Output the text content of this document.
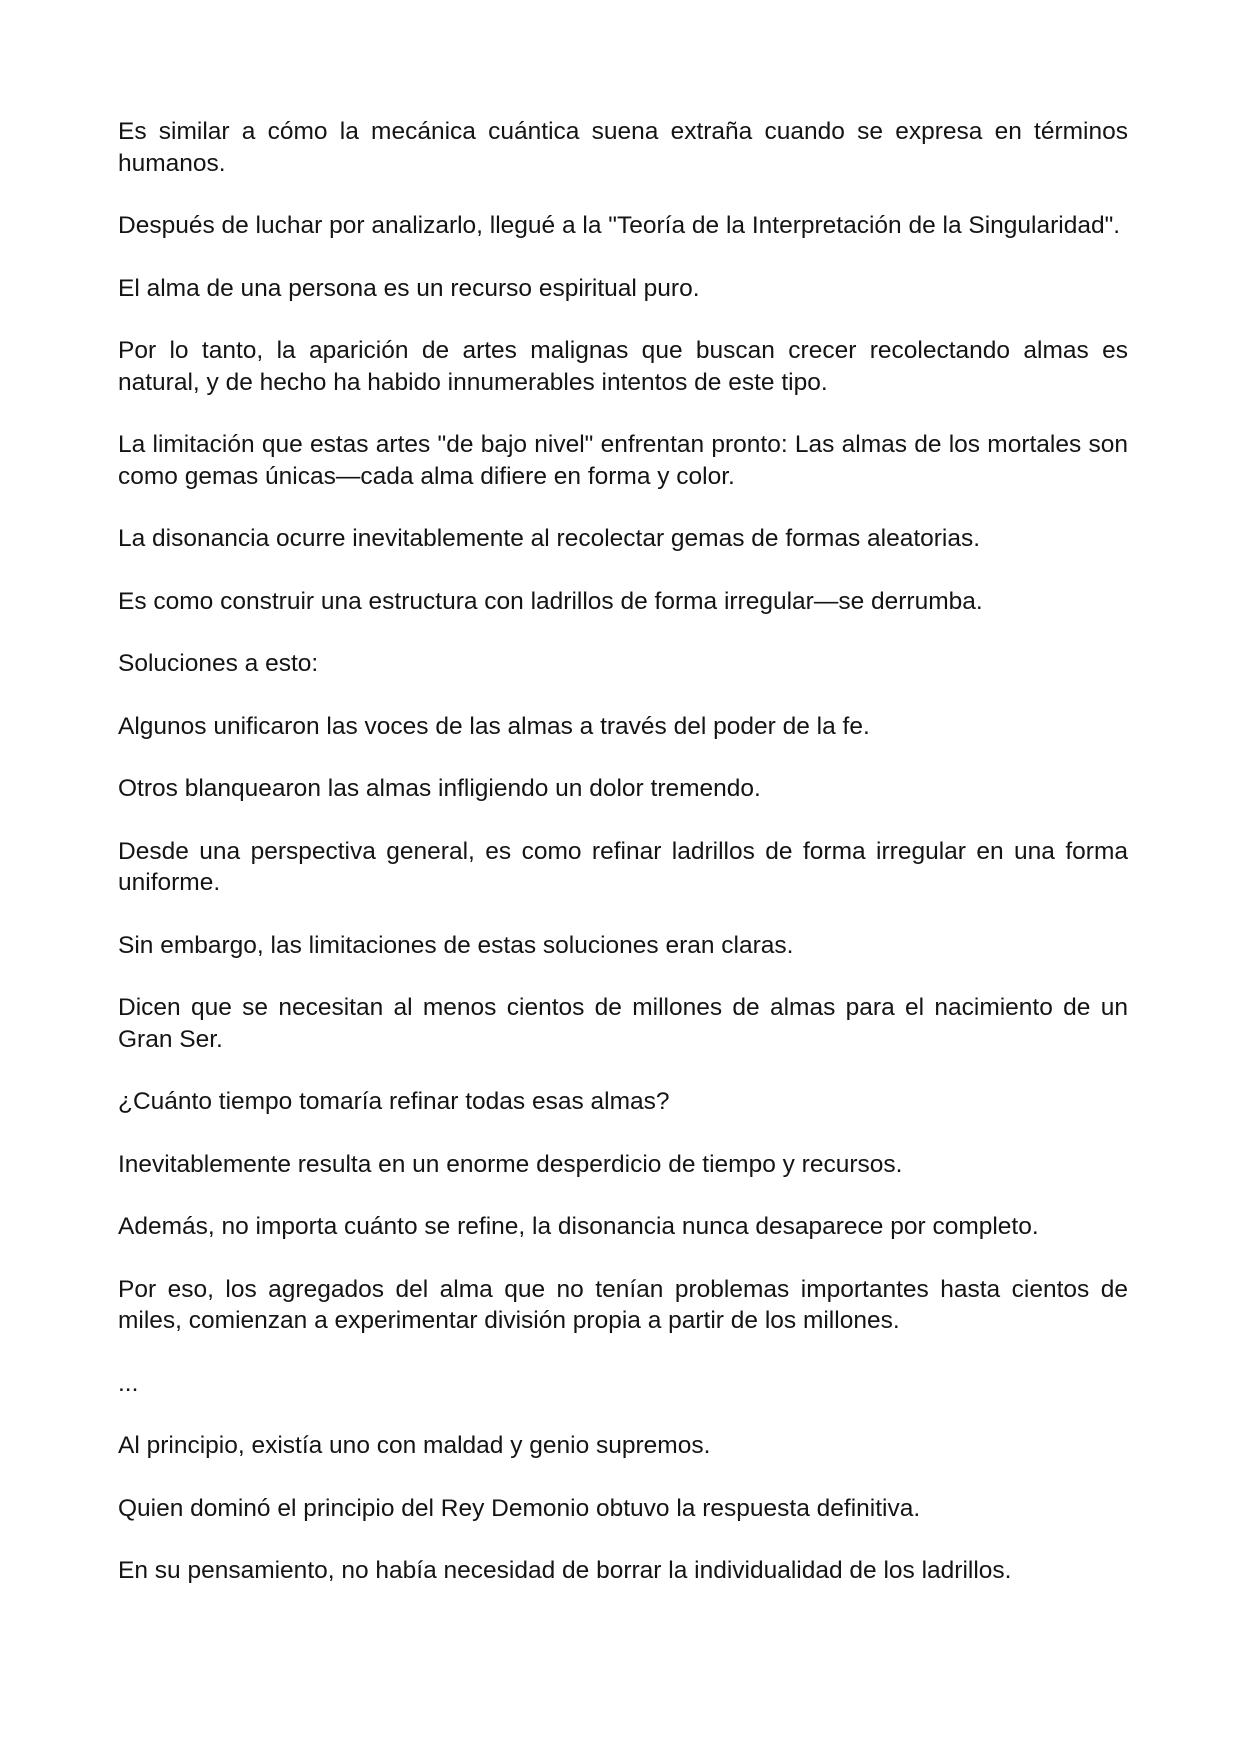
Es similar a cómo la mecánica cuántica suena extraña cuando se expresa en términos humanos.

Después de luchar por analizarlo, llegué a la "Teoría de la Interpretación de la Singularidad".

El alma de una persona es un recurso espiritual puro.

Por lo tanto, la aparición de artes malignas que buscan crecer recolectando almas es natural, y de hecho ha habido innumerables intentos de este tipo.

La limitación que estas artes "de bajo nivel" enfrentan pronto: Las almas de los mortales son como gemas únicas—cada alma difiere en forma y color.

La disonancia ocurre inevitablemente al recolectar gemas de formas aleatorias.

Es como construir una estructura con ladrillos de forma irregular—se derrumba.

Soluciones a esto:

Algunos unificaron las voces de las almas a través del poder de la fe.

Otros blanquearon las almas infligiendo un dolor tremendo.

Desde una perspectiva general, es como refinar ladrillos de forma irregular en una forma uniforme.

Sin embargo, las limitaciones de estas soluciones eran claras.

Dicen que se necesitan al menos cientos de millones de almas para el nacimiento de un Gran Ser.

¿Cuánto tiempo tomaría refinar todas esas almas?

Inevitablemente resulta en un enorme desperdicio de tiempo y recursos.

Además, no importa cuánto se refine, la disonancia nunca desaparece por completo.

Por eso, los agregados del alma que no tenían problemas importantes hasta cientos de miles, comienzan a experimentar división propia a partir de los millones.

...

Al principio, existía uno con maldad y genio supremos.

Quien dominó el principio del Rey Demonio obtuvo la respuesta definitiva.

En su pensamiento, no había necesidad de borrar la individualidad de los ladrillos.
